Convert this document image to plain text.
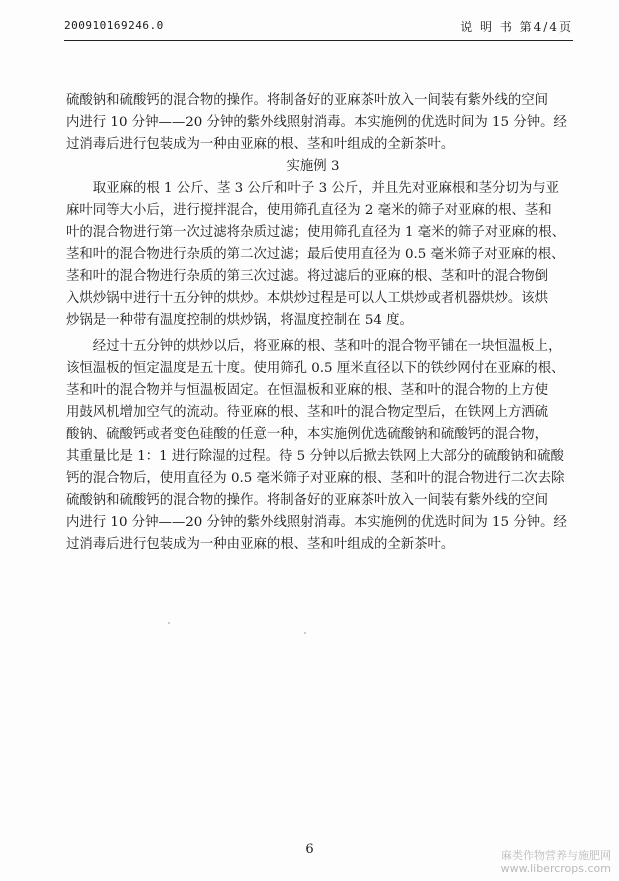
200910169246.0	说 明 书 第4/4页
硫酸钠和硫酸钙的混合物的操作。将制备好的亚麻茶叶放入一间装有紫外线的空间
内进行 10 分钟——20 分钟的紫外线照射消毒。本实施例的优选时间为 15 分钟。经
过消毒后进行包装成为一种由亚麻的根、茎和叶组成的全新茶叶。
实施例 3
取亚麻的根 1 公斤、茎 3 公斤和叶子 3 公斤，并且先对亚麻根和茎分切为与亚
麻叶同等大小后，进行搅拌混合，使用筛孔直径为 2 毫米的筛子对亚麻的根、茎和
叶的混合物进行第一次过滤将杂质过滤；使用筛孔直径为 1 毫米的筛子对亚麻的根、
茎和叶的混合物进行杂质的第二次过滤；最后使用直径为 0.5 毫米筛子对亚麻的根、
茎和叶的混合物进行杂质的第三次过滤。将过滤后的亚麻的根、茎和叶的混合物倒
入烘炒锅中进行十五分钟的烘炒。本烘炒过程是可以人工烘炒或者机器烘炒。该烘
炒锅是一种带有温度控制的烘炒锅，将温度控制在 54 度。
经过十五分钟的烘炒以后，将亚麻的根、茎和叶的混合物平铺在一块恒温板上，
该恒温板的恒定温度是五十度。使用筛孔 0.5 厘米直径以下的铁纱网付在亚麻的根、
茎和叶的混合物并与恒温板固定。在恒温板和亚麻的根、茎和叶的混合物的上方使
用鼓风机增加空气的流动。待亚麻的根、茎和叶的混合物定型后，在铁网上方洒硫
酸钠、硫酸钙或者变色硅酸的任意一种，本实施例优选硫酸钠和硫酸钙的混合物，
其重量比是 1：1 进行除湿的过程。待 5 分钟以后掀去铁网上大部分的硫酸钠和硫酸
钙的混合物后，使用直径为 0.5 毫米筛子对亚麻的根、茎和叶的混合物进行二次去除
硫酸钠和硫酸钙的混合物的操作。将制备好的亚麻茶叶放入一间装有紫外线的空间
内进行 10 分钟——20 分钟的紫外线照射消毒。本实施例的优选时间为 15 分钟。经
过消毒后进行包装成为一种由亚麻的根、茎和叶组成的全新茶叶。
6	麻类作物营养与施肥网
www.libercrops.com
